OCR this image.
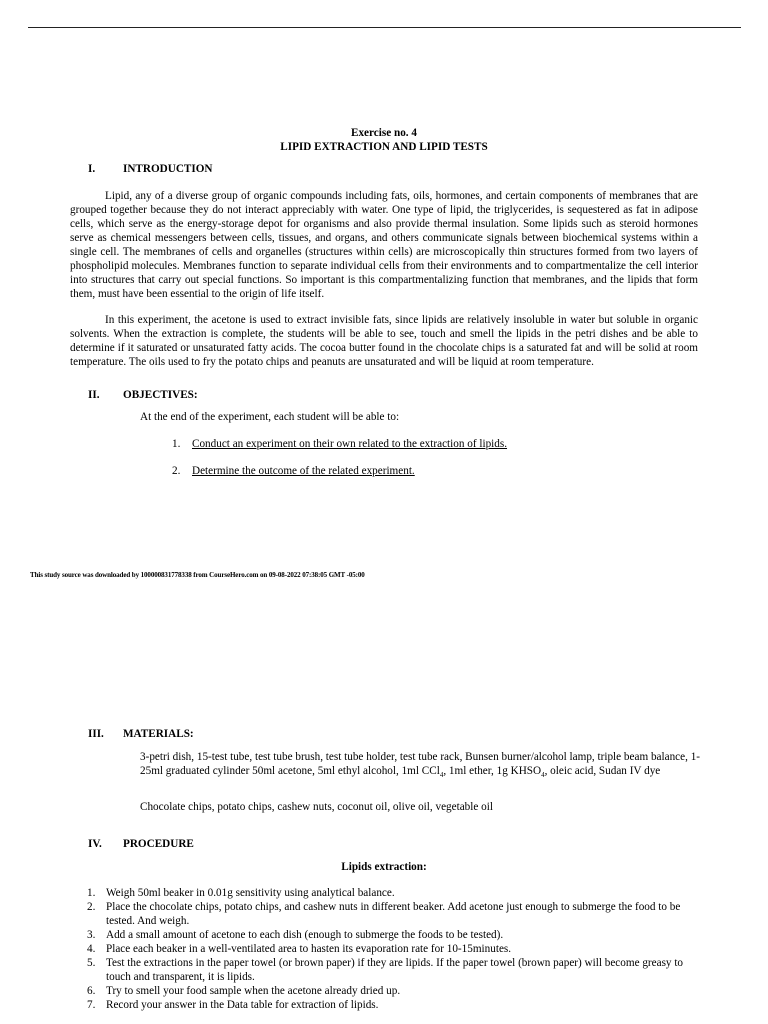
Exercise no. 4
LIPID EXTRACTION AND LIPID TESTS
I. INTRODUCTION

Lipid, any of a diverse group of organic compounds including fats, oils, hormones, and certain components of membranes that are grouped together because they do not interact appreciably with water. One type of lipid, the triglycerides, is sequestered as fat in adipose cells, which serve as the energy-storage depot for organisms and also provide thermal insulation. Some lipids such as steroid hormones serve as chemical messengers between cells, tissues, and organs, and others communicate signals between biochemical systems within a single cell. The membranes of cells and organelles (structures within cells) are microscopically thin structures formed from two layers of phospholipid molecules. Membranes function to separate individual cells from their environments and to compartmentalize the cell interior into structures that carry out special functions. So important is this compartmentalizing function that membranes, and the lipids that form them, must have been essential to the origin of life itself.

In this experiment, the acetone is used to extract invisible fats, since lipids are relatively insoluble in water but soluble in organic solvents. When the extraction is complete, the students will be able to see, touch and smell the lipids in the petri dishes and be able to determine if it saturated or unsaturated fatty acids. The cocoa butter found in the chocolate chips is a saturated fat and will be solid at room temperature. The oils used to fry the potato chips and peanuts are unsaturated and will be liquid at room temperature.

II. OBJECTIVES:
At the end of the experiment, each student will be able to:
1. Conduct an experiment on their own related to the extraction of lipids.
2. Determine the outcome of the related experiment.
This study source was downloaded by 100000831778338 from CourseHero.com on 09-08-2022 07:38:05 GMT -05:00
III. MATERIALS:
3-petri dish, 15-test tube, test tube brush, test tube holder, test tube rack, Bunsen burner/alcohol lamp, triple beam balance, 1-25ml graduated cylinder 50ml acetone, 5ml ethyl alcohol, 1ml CCl$_4$, 1ml ether, 1g $KHSO_4$, oleic acid, Sudan IV dye
Chocolate chips, potato chips, cashew nuts, coconut oil, olive oil, vegetable oil
IV. PROCEDURE
Lipids extraction:
1. Weigh 50ml beaker in 0.01g sensitivity using analytical balance.
2. Place the chocolate chips, potato chips, and cashew nuts in different beaker. Add acetone just enough to submerge the food to be tested. And weigh.
3. Add a small amount of acetone to each dish (enough to submerge the foods to be tested).
4. Place each beaker in a well-ventilated area to hasten its evaporation rate for 10-15minutes.
5. Test the extractions in the paper towel (or brown paper) if they are lipids. If the paper towel (brown paper) will become greasy to touch and transparent, it is lipids.
6. Try to smell your food sample when the acetone already dried up.
7. Record your answer in the Data table for extraction of lipids.
